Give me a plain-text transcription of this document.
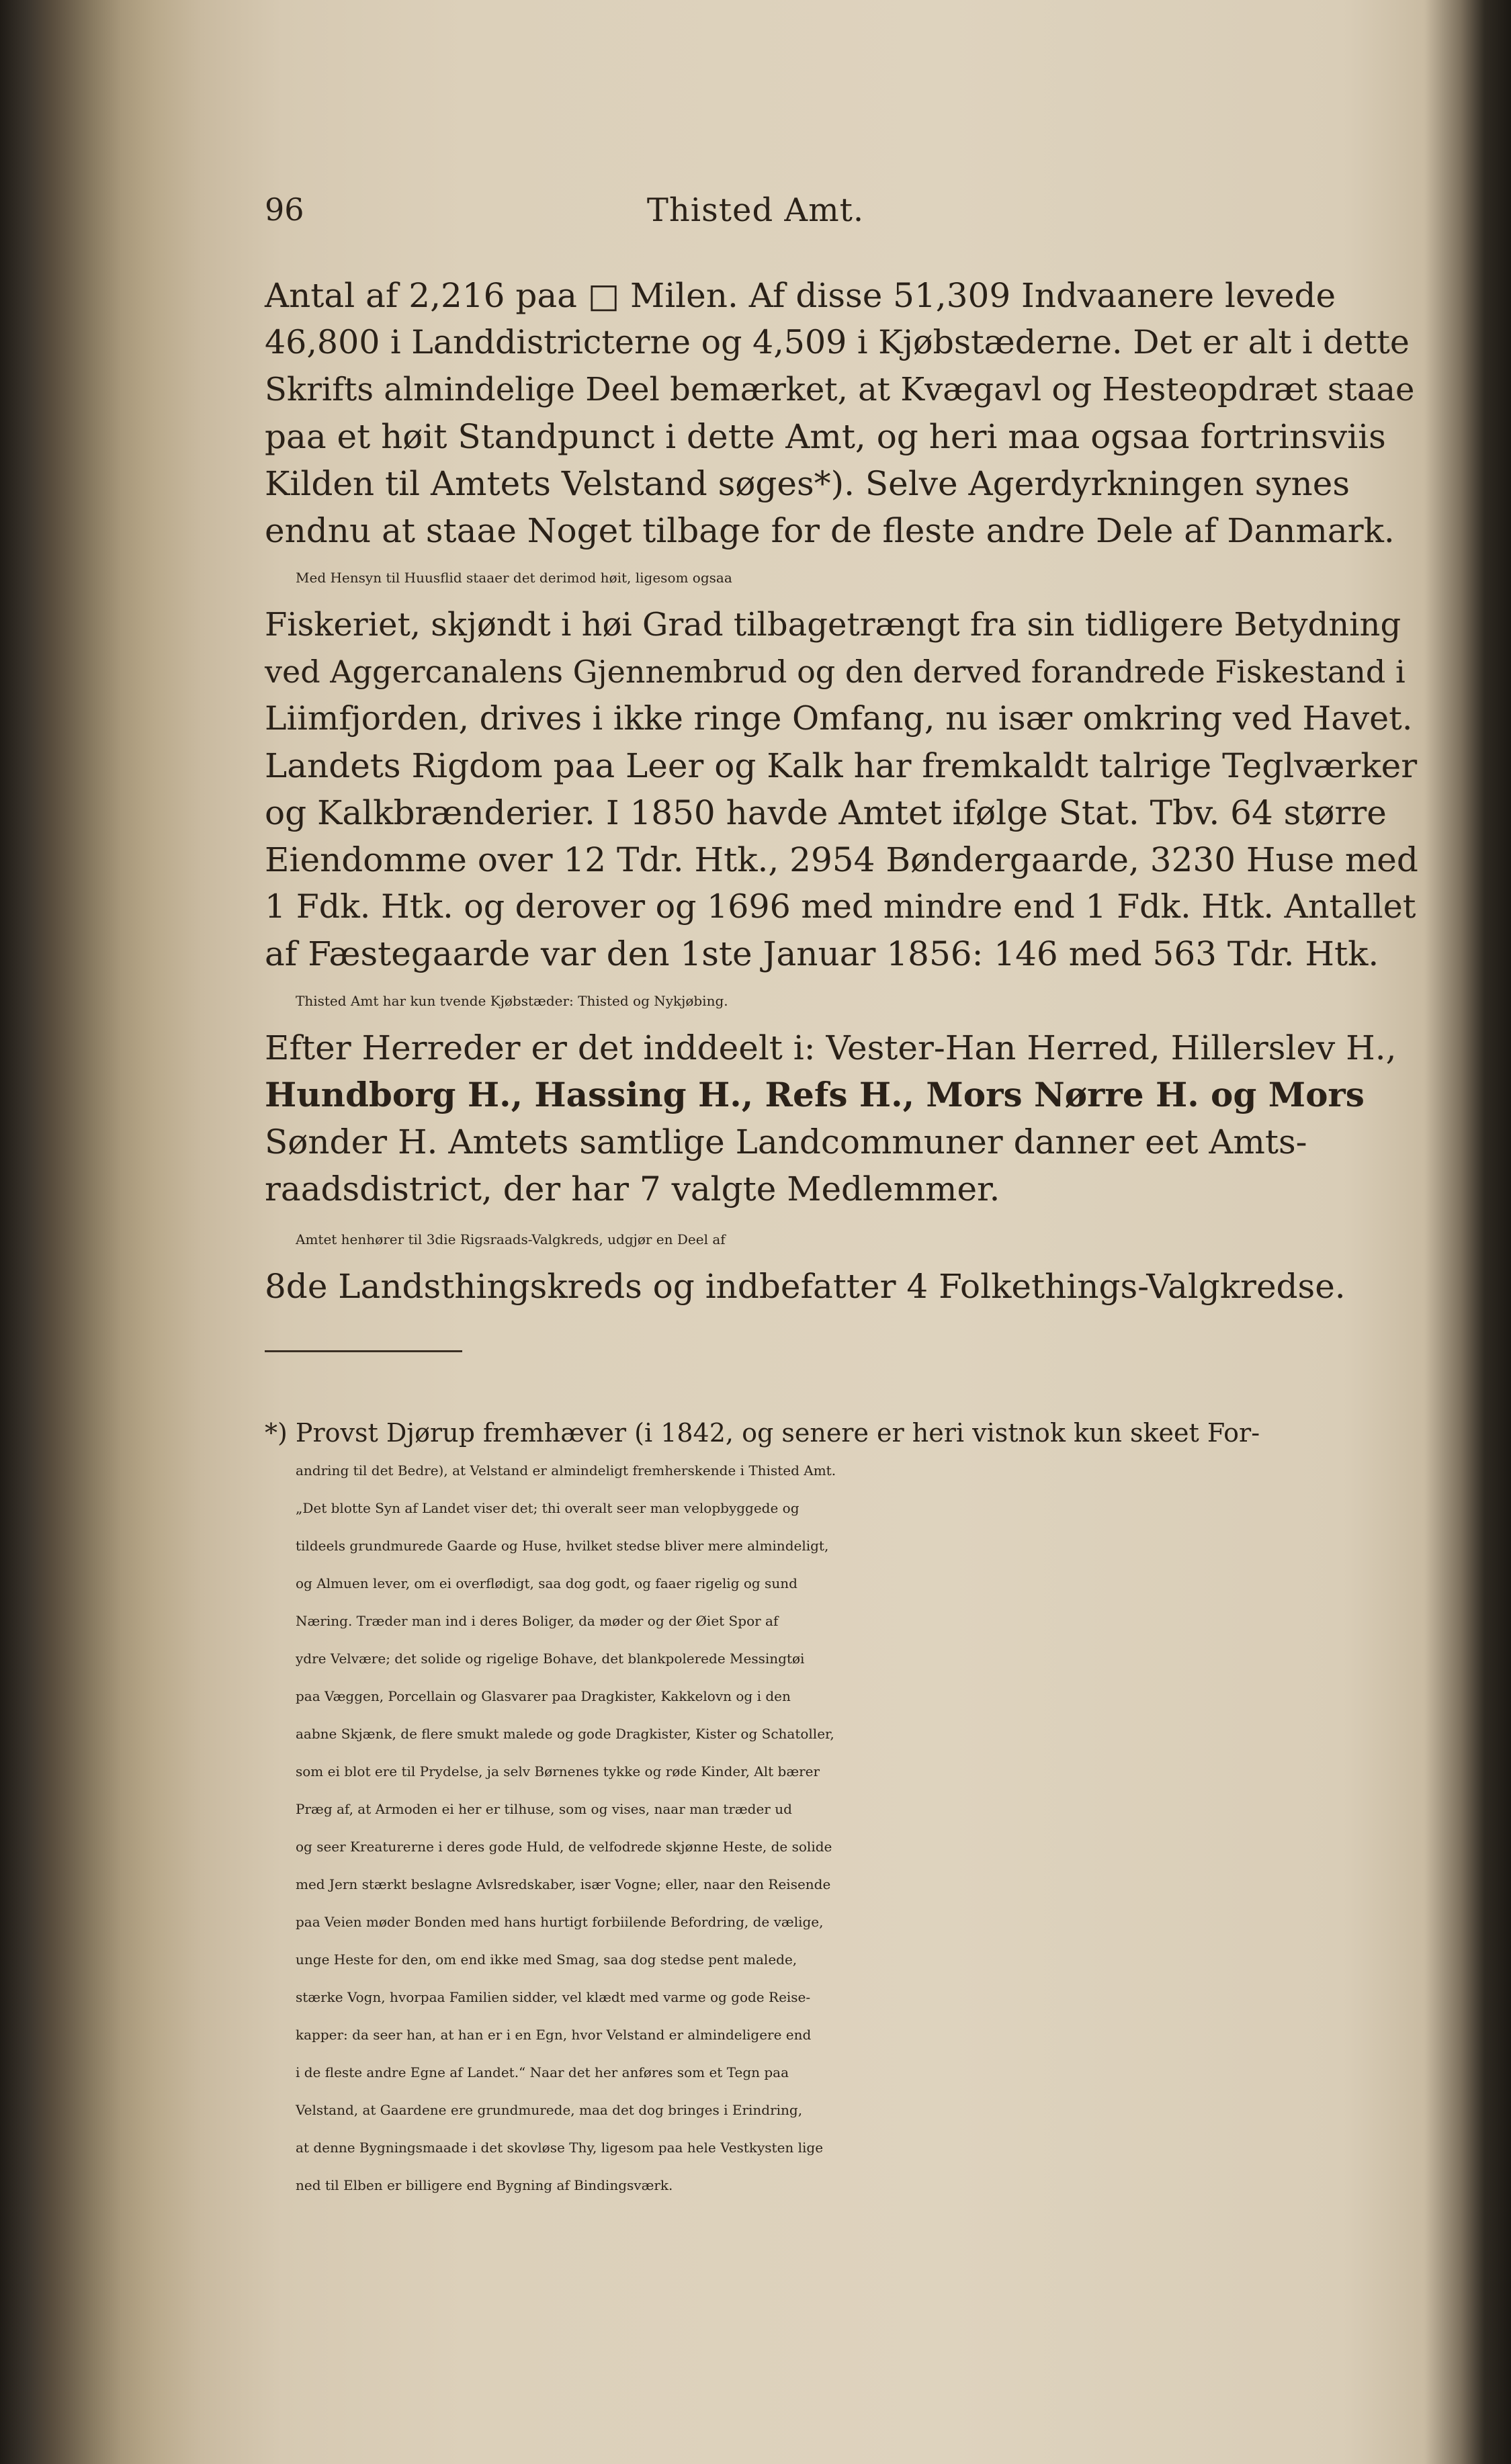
96	Thisted Amt.
Antal af 2,216 paa □ Milen. Af disse 51,309 Indvaanere levede
46,800 i Landdistricterne og 4,509 i Kjøbstæderne. Det er alt i dette
Skrifts almindelige Deel bemærket, at Kvægavl og Hesteopdræt staae
paa et høit Standpunct i dette Amt, og heri maa ogsaa fortrinsviis
Kilden til Amtets Velstand søges*). Selve Agerdyrkningen synes
endnu at staae Noget tilbage for de fleste andre Dele af Danmark.
Med Hensyn til Huusflid staaer det derimod høit, ligesom ogsaa
Fiskeriet, skjøndt i høi Grad tilbagetrængt fra sin tidligere Betydning
ved Aggercanalens Gjennembrud og den derved forandrede Fiskestand i
Liimfjorden, drives i ikke ringe Omfang, nu især omkring ved Havet.
Landets Rigdom paa Leer og Kalk har fremkaldt talrige Teglværker
og Kalkbrænderier. I 1850 havde Amtet ifølge Stat. Tbv. 64 større
Eiendomme over 12 Tdr. Htk., 2954 Bøndergaarde, 3230 Huse med
1 Fdk. Htk. og derover og 1696 med mindre end 1 Fdk. Htk. Antallet
af Fæstegaarde var den 1ste Januar 1856: 146 med 563 Tdr. Htk.
Thisted Amt har kun tvende Kjøbstæder: Thisted og Nykjøbing.
Efter Herreder er det inddeelt i: Vester-Han Herred, Hillerslev H.,
Hundborg H., Hassing H., Refs H., Mors Nørre H. og Mors
Sønder H. Amtets samtlige Landcommuner danner eet Amts-
raadsdistrict, der har 7 valgte Medlemmer.
Amtet henhører til 3die Rigsraads-Valgkreds, udgjør en Deel af
8de Landsthingskreds og indbefatter 4 Folkethings-Valgkredse.
*) Provst Djørup fremhæver (i 1842, og senere er heri vistnok kun skeet For-
andring til det Bedre), at Velstand er almindeligt fremherskende i Thisted Amt.
„Det blotte Syn af Landet viser det; thi overalt seer man velopbyggede og
tildeels grundmurede Gaarde og Huse, hvilket stedse bliver mere almindeligt,
og Almuen lever, om ei overflødigt, saa dog godt, og faaer rigelig og sund
Næring. Træder man ind i deres Boliger, da møder og der Øiet Spor af
ydre Velvære; det solide og rigelige Bohave, det blankpolerede Messingtøi
paa Væggen, Porcellain og Glasvarer paa Dragkister, Kakkelovn og i den
aabne Skjænk, de flere smukt malede og gode Dragkister, Kister og Schatoller,
som ei blot ere til Prydelse, ja selv Børnenes tykke og røde Kinder, Alt bærer
Præg af, at Armoden ei her er tilhuse, som og vises, naar man træder ud
og seer Kreaturerne i deres gode Huld, de velfodrede skjønne Heste, de solide
med Jern stærkt beslagne Avlsredskaber, især Vogne; eller, naar den Reisende
paa Veien møder Bonden med hans hurtigt forbiilende Befordring, de vælige,
unge Heste for den, om end ikke med Smag, saa dog stedse pent malede,
stærke Vogn, hvorpaa Familien sidder, vel klædt med varme og gode Reise-
kapper: da seer han, at han er i en Egn, hvor Velstand er almindeligere end
i de fleste andre Egne af Landet.“ Naar det her anføres som et Tegn paa
Velstand, at Gaardene ere grundmurede, maa det dog bringes i Erindring,
at denne Bygningsmaade i det skovløse Thy, ligesom paa hele Vestkysten lige
ned til Elben er billigere end Bygning af Bindingsværk.
